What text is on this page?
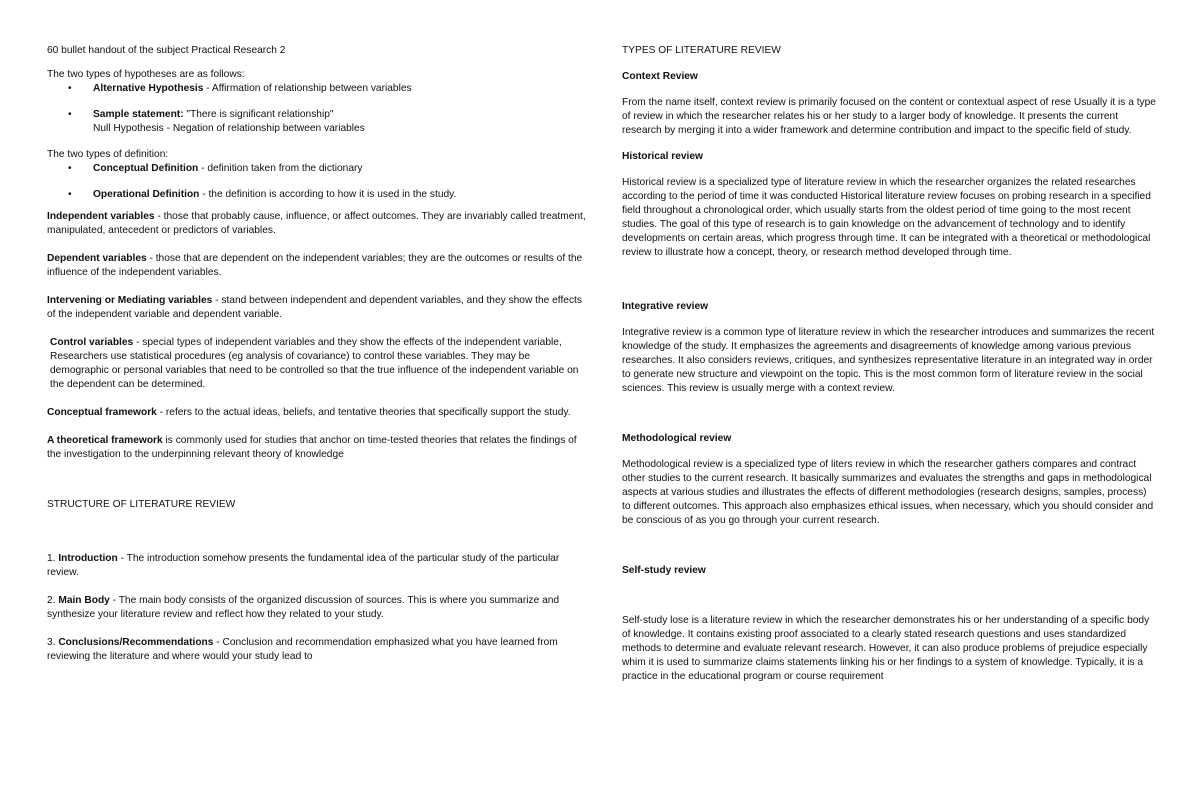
60 bullet handout of the subject Practical Research 2

The two types of hypotheses are as follows:

• Alternative Hypothesis - Affirmation of relationship between variables
• Sample statement: "There is significant relationship"
Null Hypothesis - Negation of relationship between variables

The two types of definition:

• Conceptual Definition - definition taken from the dictionary
• Operational Definition - the definition is according to how it is used in the study.

Independent variables - those that probably cause, influence, or affect outcomes. They are invariably called treatment, manipulated, antecedent or predictors of variables.

Dependent variables - those that are dependent on the independent variables; they are the outcomes or results of the influence of the independent variables.

Intervening or Mediating variables - stand between independent and dependent variables, and they show the effects of the independent variable and dependent variable.

Control variables - special types of independent variables and they show the effects of the independent variable, Researchers use statistical procedures (eg analysis of covariance) to control these variables. They may be demographic or personal variables that need to be controlled so that the true influence of the independent variable on the dependent can be determined.

Conceptual framework - refers to the actual ideas, beliefs, and tentative theories that specifically support the study.

A theoretical framework is commonly used for studies that anchor on time-tested theories that relates the findings of the investigation to the underpinning relevant theory of knowledge

STRUCTURE OF LITERATURE REVIEW

1. Introduction - The introduction somehow presents the fundamental idea of the particular study of the particular review.

2. Main Body - The main body consists of the organized discussion of sources. This is where you summarize and synthesize your literature review and reflect how they related to your study.

3. Conclusions/Recommendations - Conclusion and recommendation emphasized what you have learned from reviewing the literature and where would your study lead to

TYPES OF LITERATURE REVIEW

Context Review

From the name itself, context review is primarily focused on the content or contextual aspect of rese Usually it is a type of review in which the researcher relates his or her study to a larger body of knowledge. It presents the current research by merging it into a wider framework and determine contribution and impact to the specific field of study.

Historical review

Historical review is a specialized type of literature review in which the researcher organizes the related researches according to the period of time it was conducted Historical literature review focuses on probing research in a specified field throughout a chronological order, which usually starts from the oldest period of time going to the most recent studies. The goal of this type of research is to gain knowledge on the advancement of technology and to identify developments on certain areas, which progress through time. It can be integrated with a theoretical or methodological review to illustrate how a concept, theory, or research method developed through time.

Integrative review

Integrative review is a common type of literature review in which the researcher introduces and summarizes the recent knowledge of the study. It emphasizes the agreements and disagreements of knowledge among various previous researches. It also considers reviews, critiques, and synthesizes representative literature in an integrated way in order to generate new structure and viewpoint on the topic. This is the most common form of literature review in the social sciences. This review is usually merge with a context review.

Methodological review

Methodological review is a specialized type of liters review in which the researcher gathers compares and contract other studies to the current research. It basically summarizes and evaluates the strengths and gaps in methodological aspects at various studies and illustrates the effects of different methodologies (research designs, samples, process) to different outcomes. This approach also emphasizes ethical issues, when necessary, which you should consider and be conscious of as you go through your current research.

Self-study review

Self-study lose is a literature review in which the researcher demonstrates his or her understanding of a specific body of knowledge. It contains existing proof associated to a clearly stated research questions and uses standardized methods to determine and evaluate relevant research. However, it can also produce problems of prejudice especially whim it is used to summarize claims statements linking his or her findings to a system of knowledge. Typically, it is a practice in the educational program or course requirement
